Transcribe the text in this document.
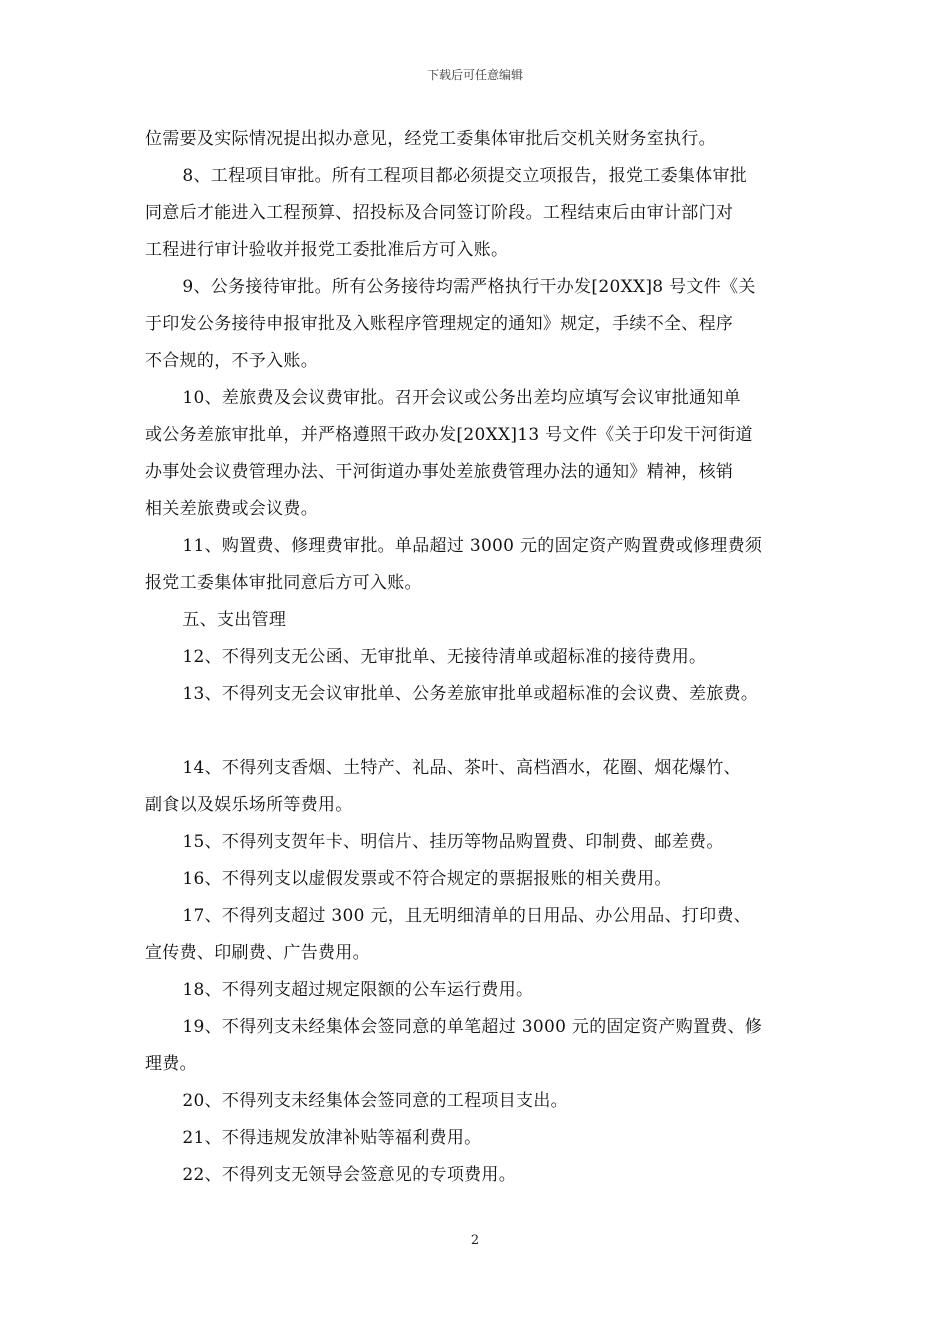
下载后可任意编辑

位需要及实际情况提出拟办意见，经党工委集体审批后交机关财务室执行。

8、工程项目审批。所有工程项目都必须提交立项报告，报党工委集体审批
同意后才能进入工程预算、招投标及合同签订阶段。工程结束后由审计部门对
工程进行审计验收并报党工委批准后方可入账。

9、公务接待审批。所有公务接待均需严格执行干办发[20XX]8 号文件《关
于印发公务接待申报审批及入账程序管理规定的通知》规定，手续不全、程序
不合规的，不予入账。

10、差旅费及会议费审批。召开会议或公务出差均应填写会议审批通知单
或公务差旅审批单，并严格遵照干政办发[20XX]13 号文件《关于印发干河街道
办事处会议费管理办法、干河街道办事处差旅费管理办法的通知》精神，核销
相关差旅费或会议费。

11、购置费、修理费审批。单品超过 3000 元的固定资产购置费或修理费须
报党工委集体审批同意后方可入账。

五、支出管理

12、不得列支无公函、无审批单、无接待清单或超标准的接待费用。

13、不得列支无会议审批单、公务差旅审批单或超标准的会议费、差旅费。

14、不得列支香烟、土特产、礼品、茶叶、高档酒水，花圈、烟花爆竹、
副食以及娱乐场所等费用。

15、不得列支贺年卡、明信片、挂历等物品购置费、印制费、邮差费。

16、不得列支以虚假发票或不符合规定的票据报账的相关费用。

17、不得列支超过 300 元，且无明细清单的日用品、办公用品、打印费、
宣传费、印刷费、广告费用。

18、不得列支超过规定限额的公车运行费用。

19、不得列支未经集体会签同意的单笔超过 3000 元的固定资产购置费、修
理费。

20、不得列支未经集体会签同意的工程项目支出。

21、不得违规发放津补贴等福利费用。

22、不得列支无领导会签意见的专项费用。

2
